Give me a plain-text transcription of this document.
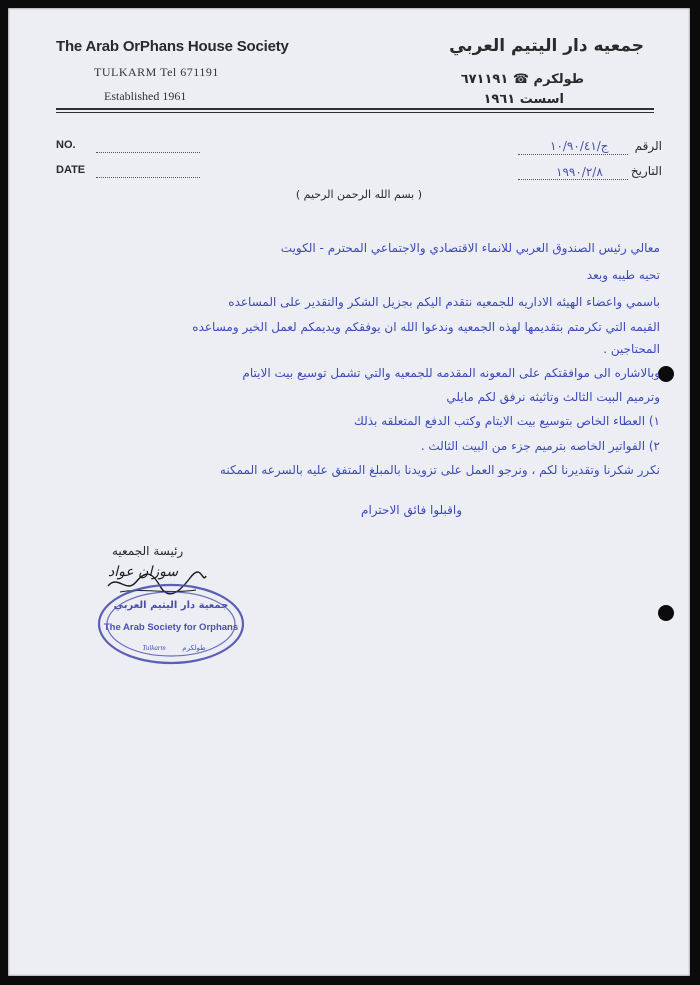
The Arab OrPhans House Society
TULKARM Tel 671191
Established 1961
جمعيه دار اليتيم العربي
طولكرم ☎ ٦٧١١٩١
اسست ١٩٦١
NO.
DATE
الرقم
ج/١٠/٩٠/٤١
التاريخ
١٩٩٠/٢/٨
( بسم الله الرحمن الرحيم )
معالي رئيس الصندوق العربي للانماء الاقتصادي والاجتماعي المحترم - الكويت
تحيه طيبه وبعد
باسمي واعضاء الهيئه الاداريه للجمعيه نتقدم اليكم بجزيل الشكر والتقدير على المساعده
القيمه التي تكرمتم بتقديمها لهذه الجمعيه وندعوا الله ان يوفقكم ويديمكم لعمل الخير ومساعده
المحتاجين .
وبالاشاره الى موافقتكم على المعونه المقدمه للجمعيه والتي تشمل توسيع بيت الايتام
وترميم البيت الثالث وتاثيثه نرفق لكم مايلي
١) العطاء الخاص بتوسيع بيت الايتام وكتب الدفع المتعلقه بذلك
٢) الفواتير الخاصه بترميم جزء من البيت الثالث .
نكرر شكرنا وتقديرنا لكم ، ونرجو العمل على تزويدنا بالمبلغ المتفق عليه بالسرعه الممكنه
واقبلوا فائق الاحترام
رئيسة الجمعيه
جمعية دار اليتيم العربي
The Arab Society for Orphans
Tulkarm طولكرم
سوزان عواد
